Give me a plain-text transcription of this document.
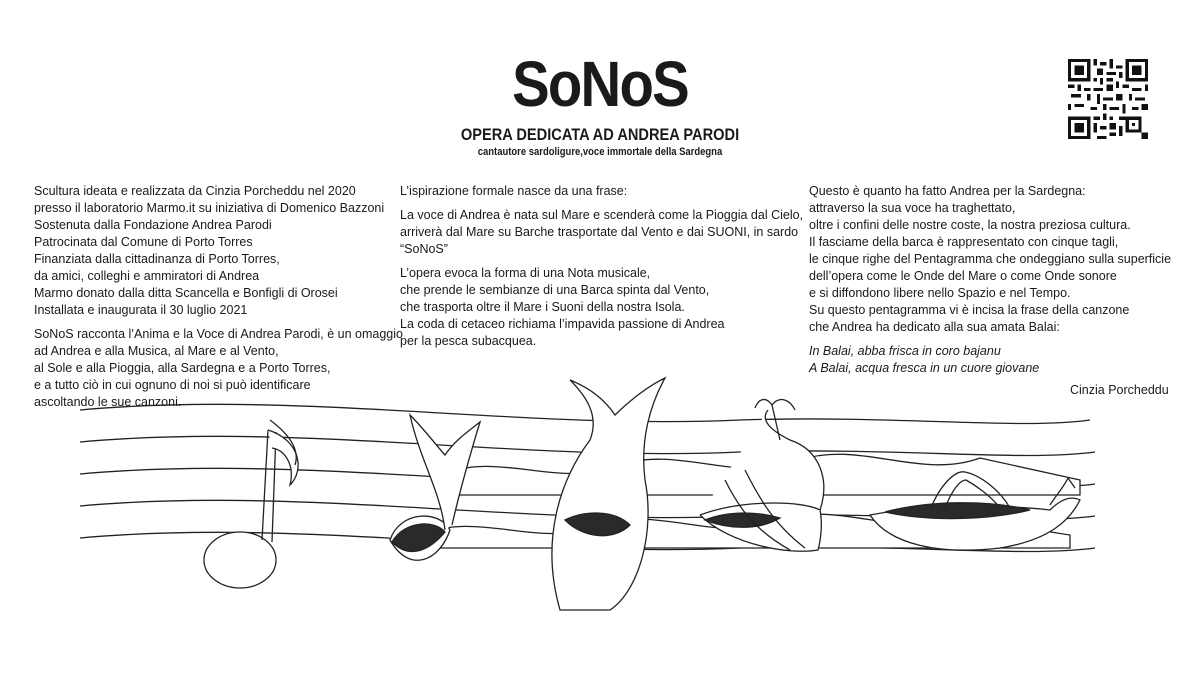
SoNoS
OPERA DEDICATA AD ANDREA PARODI
cantautore sardoligure,voce immortale della Sardegna

Scultura ideata e realizzata da Cinzia Porcheddu nel 2020
presso il laboratorio Marmo.it su iniziativa di Domenico Bazzoni
Sostenuta dalla Fondazione Andrea Parodi
Patrocinata dal Comune di Porto Torres
Finanziata dalla cittadinanza di Porto Torres,
da amici, colleghi e ammiratori di Andrea
Marmo donato dalla ditta Scancella e Bonfigli di Orosei
Installata e inaugurata il 30 luglio 2021

SoNoS racconta l’Anima e la Voce di Andrea Parodi, è un omaggio
ad Andrea e alla Musica, al Mare e al Vento,
al Sole e alla Pioggia, alla Sardegna e a Porto Torres,
e a tutto ciò in cui ognuno di noi si può identificare
ascoltando le sue canzoni.

L’ispirazione formale nasce da una frase:

La voce di Andrea è nata sul Mare e scenderà come la Pioggia dal Cielo,
arriverà dal Mare su Barche trasportate dal Vento e dai SUONI, in sardo
“SoNoS”

L’opera evoca la forma di una Nota musicale,
che prende le sembianze di una Barca spinta dal Vento,
che trasporta oltre il Mare i Suoni della nostra Isola.
La coda di cetaceo richiama l’impavida passione di Andrea
per la pesca subacquea.

Questo è quanto ha fatto Andrea per la Sardegna:
attraverso la sua voce ha traghettato,
oltre i confini delle nostre coste, la nostra preziosa cultura.
Il fasciame della barca è rappresentato con cinque tagli,
le cinque righe del Pentagramma che ondeggiano sulla superficie
dell’opera come le Onde del Mare o come Onde sonore
e si diffondono libere nello Spazio e nel Tempo.
Su questo pentagramma vi è incisa la frase della canzone
che Andrea ha dedicato alla sua amata Balai:

In Balai, abba frisca in coro bajanu
A Balai, acqua fresca in un cuore giovane

Cinzia Porcheddu
